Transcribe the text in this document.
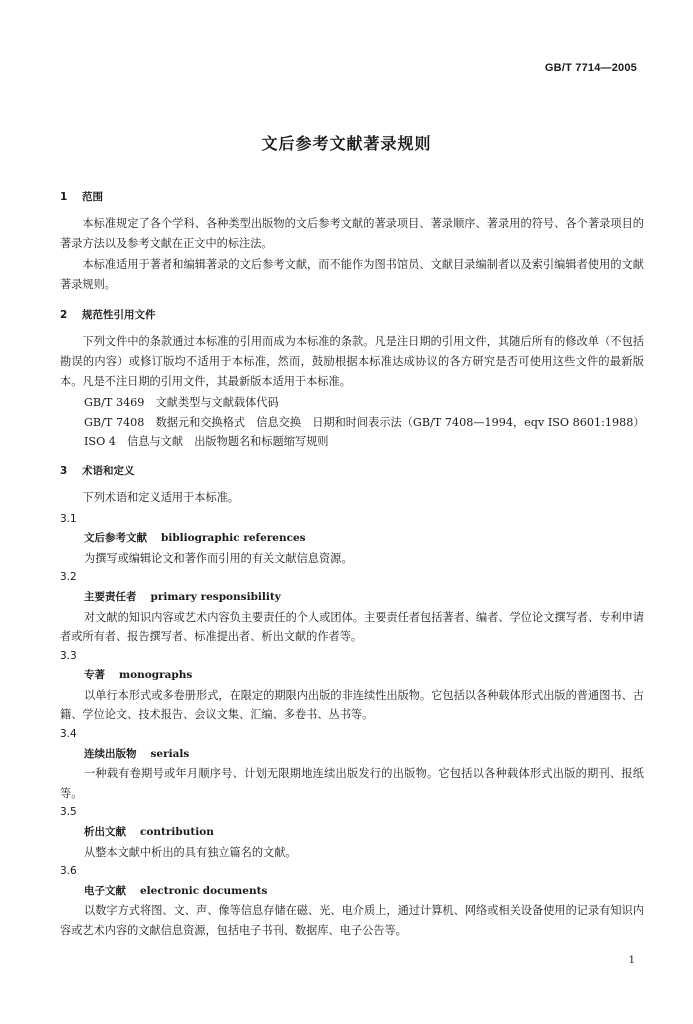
GB/T 7714—2005
文后参考文献著录规则
1 范围

本标准规定了各个学科、各种类型出版物的文后参考文献的著录项目、著录顺序、著录用的符号、各个著录项目的著录方法以及参考文献在正文中的标注法。

本标准适用于著者和编辑著录的文后参考文献，而不能作为图书馆员、文献目录编制者以及索引编辑者使用的文献著录规则。

2 规范性引用文件

下列文件中的条款通过本标准的引用而成为本标准的条款。凡是注日期的引用文件，其随后所有的修改单（不包括勘误的内容）或修订版均不适用于本标准，然而，鼓励根据本标准达成协议的各方研究是否可使用这些文件的最新版本。凡是不注日期的引用文件，其最新版本适用于本标准。

GB/T 3469　文献类型与文献载体代码

GB/T 7408　数据元和交换格式　信息交换　日期和时间表示法（GB/T 7408—1994，eqv ISO 8601:1988）

ISO 4　信息与文献　出版物题名和标题缩写规则

3 术语和定义

下列术语和定义适用于本标准。

3.1

文后参考文献 bibliographic references

为撰写或编辑论文和著作而引用的有关文献信息资源。

3.2

主要责任者 primary responsibility

对文献的知识内容或艺术内容负主要责任的个人或团体。主要责任者包括著者、编者、学位论文撰写者、专利申请者或所有者、报告撰写者、标准提出者、析出文献的作者等。

3.3

专著 monographs

以单行本形式或多卷册形式，在限定的期限内出版的非连续性出版物。它包括以各种载体形式出版的普通图书、古籍、学位论文、技术报告、会议文集、汇编、多卷书、丛书等。

3.4

连续出版物 serials

一种载有卷期号或年月顺序号、计划无限期地连续出版发行的出版物。它包括以各种载体形式出版的期刊、报纸等。

3.5

析出文献 contribution

从整本文献中析出的具有独立篇名的文献。

3.6

电子文献 electronic documents

以数字方式将图、文、声、像等信息存储在磁、光、电介质上，通过计算机、网络或相关设备使用的记录有知识内容或艺术内容的文献信息资源，包括电子书刊、数据库、电子公告等。

1
